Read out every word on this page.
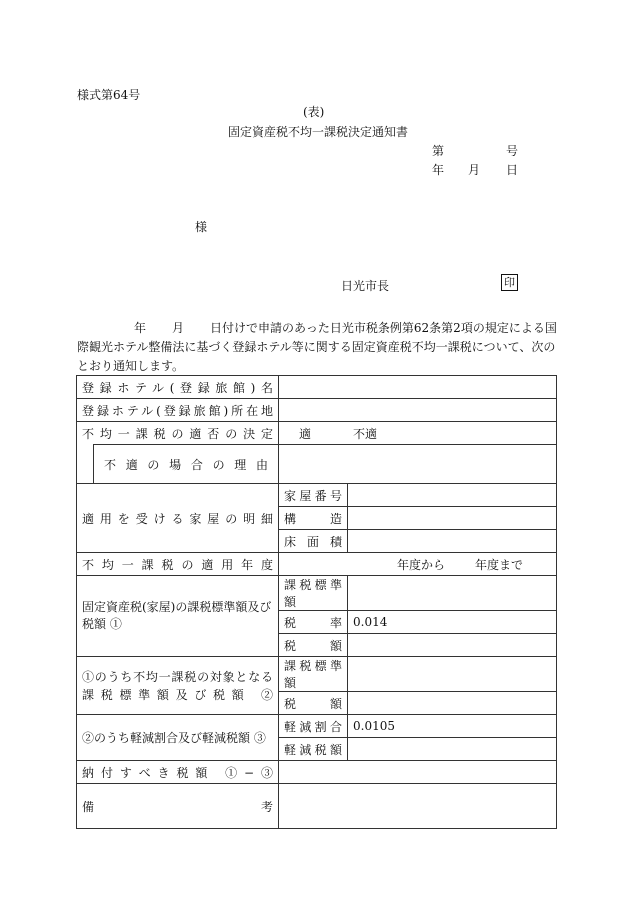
様式第64号
(表)
固定資産税不均一課税決定通知書
第	号
年 月 日
様
日光市長	印
年 月 日付けで申請のあった日光市税条例第62条第2項の規定による国
際観光ホテル整備法に基づく登録ホテル等に関する固定資産税不均一課税について、次の
とおり通知します。
登録ホテル(登録旅館)名			
登録ホテル(登録旅館)所在地			
不均一課税の適否の決定		適 不適	
	不適の場合の理由		
適用を受ける家屋の明細		家屋番号	
		構造	
		床面積	
不均一課税の適用年度		年度から 年度まで	
固定資産税(家屋)の課税標準額及び税額 ①		課税標準額	
		税率	0.014
		税額	
①のうち不均一課税の対象となる課税標準額及び税額 ②		課税標準額	
		税額	
②のうち軽減割合及び軽減税額 ③		軽減割合	0.0105
		軽減税額	
納付すべき税額 ①−③			
備 考			
